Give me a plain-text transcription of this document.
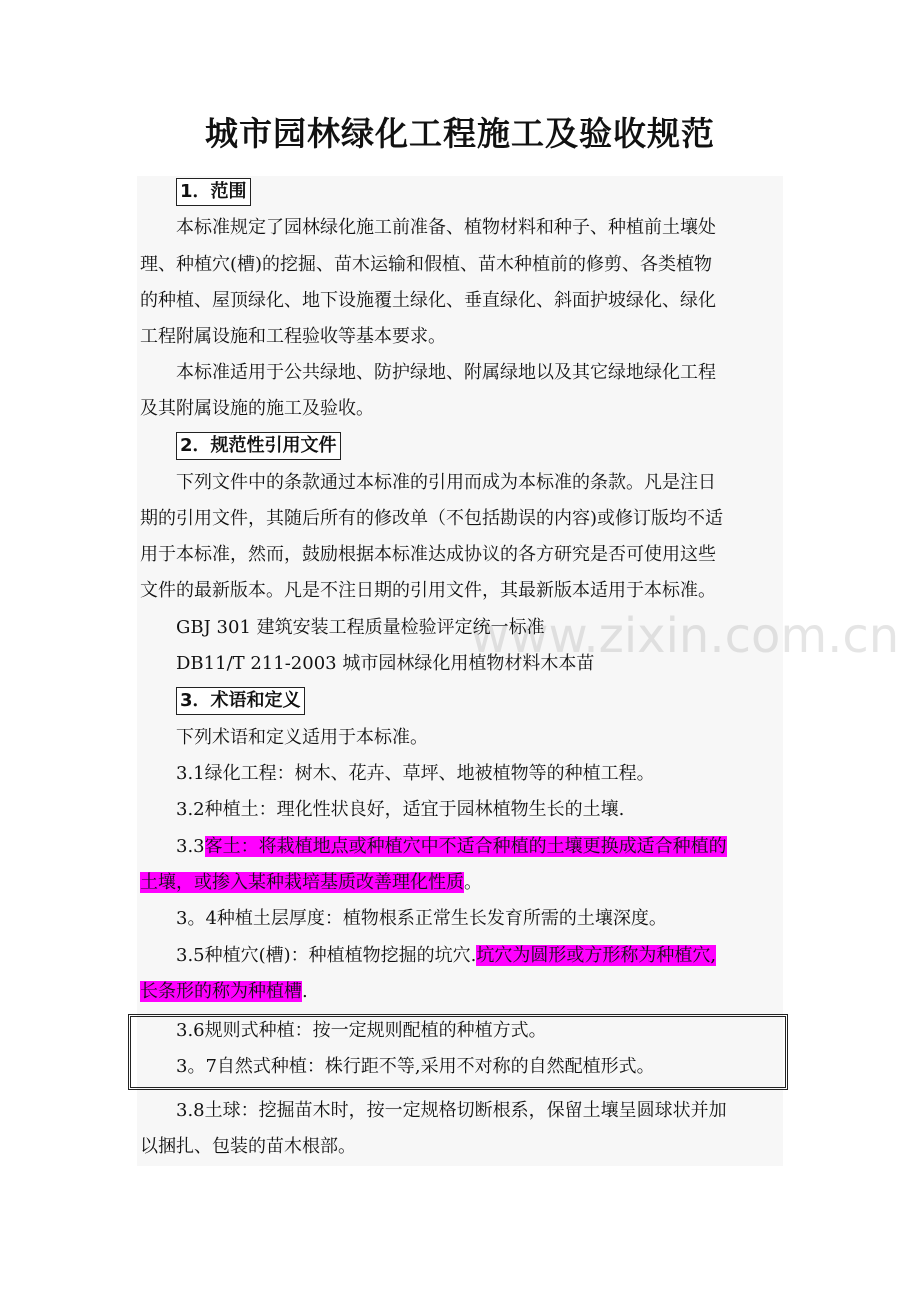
城市园林绿化工程施工及验收规范
www.zixin.com.cn
1．范围
本标准规定了园林绿化施工前准备、植物材料和种子、种植前土壤处
理、种植穴(槽)的挖掘、苗木运输和假植、苗木种植前的修剪、各类植物
的种植、屋顶绿化、地下设施覆土绿化、垂直绿化、斜面护坡绿化、绿化
工程附属设施和工程验收等基本要求。
本标准适用于公共绿地、防护绿地、附属绿地以及其它绿地绿化工程
及其附属设施的施工及验收。
2．规范性引用文件
下列文件中的条款通过本标准的引用而成为本标准的条款。凡是注日
期的引用文件，其随后所有的修改单（不包括勘误的内容)或修订版均不适
用于本标准，然而，鼓励根据本标准达成协议的各方研究是否可使用这些
文件的最新版本。凡是不注日期的引用文件，其最新版本适用于本标准。
GBJ 301 建筑安装工程质量检验评定统一标准
DB11/T 211-2003 城市园林绿化用植物材料木本苗
3．术语和定义
下列术语和定义适用于本标准。
3.1绿化工程：树木、花卉、草坪、地被植物等的种植工程。
3.2种植土：理化性状良好，适宜于园林植物生长的土壤.
3.3客土：将栽植地点或种植穴中不适合种植的土壤更换成适合种植的
土壤，或掺入某种栽培基质改善理化性质。
3。4种植土层厚度：植物根系正常生长发育所需的土壤深度。
3.5种植穴(槽)：种植植物挖掘的坑穴.坑穴为圆形或方形称为种植穴,
长条形的称为种植槽.
3.6规则式种植：按一定规则配植的种植方式。
3。7自然式种植：株行距不等,采用不对称的自然配植形式。
3.8土球：挖掘苗木时，按一定规格切断根系，保留土壤呈圆球状并加
以捆扎、包装的苗木根部。
